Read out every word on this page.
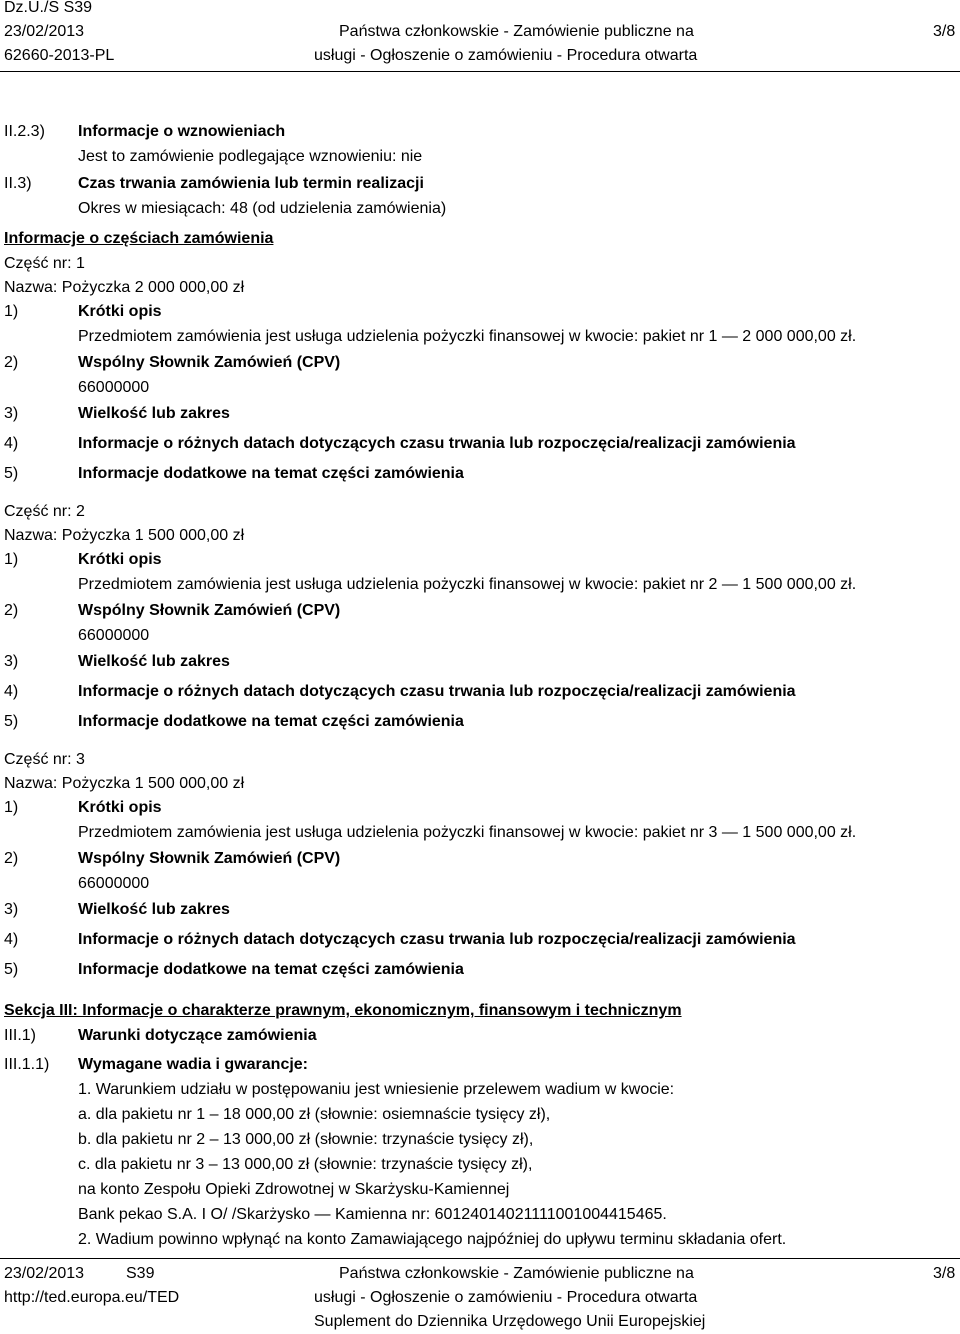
Dz.U./S S39
23/02/2013
62660-2013-PL
Państwa członkowskie - Zamówienie publiczne na
usługi - Ogłoszenie o zamówieniu - Procedura otwarta
3/8
II.2.3) Informacje o wznowieniach
Jest to zamówienie podlegające wznowieniu: nie
II.3)	Czas trwania zamówienia lub termin realizacji
Okres w miesiącach: 48 (od udzielenia zamówienia)
Informacje o częściach zamówienia
Część nr: 1
Nazwa: Pożyczka 2 000 000,00 zł
1)	Krótki opis
Przedmiotem zamówienia jest usługa udzielenia pożyczki finansowej w kwocie: pakiet nr 1 — 2 000 000,00 zł.
2)	Wspólny Słownik Zamówień (CPV)
66000000
3)	Wielkość lub zakres
4)	Informacje o różnych datach dotyczących czasu trwania lub rozpoczęcia/realizacji zamówienia
5)	Informacje dodatkowe na temat części zamówienia
Część nr: 2
Nazwa: Pożyczka 1 500 000,00 zł
1)	Krótki opis
Przedmiotem zamówienia jest usługa udzielenia pożyczki finansowej w kwocie: pakiet nr 2 — 1 500 000,00 zł.
2)	Wspólny Słownik Zamówień (CPV)
66000000
3)	Wielkość lub zakres
4)	Informacje o różnych datach dotyczących czasu trwania lub rozpoczęcia/realizacji zamówienia
5)	Informacje dodatkowe na temat części zamówienia
Część nr: 3
Nazwa: Pożyczka 1 500 000,00 zł
1)	Krótki opis
Przedmiotem zamówienia jest usługa udzielenia pożyczki finansowej w kwocie: pakiet nr 3 — 1 500 000,00 zł.
2)	Wspólny Słownik Zamówień (CPV)
66000000
3)	Wielkość lub zakres
4)	Informacje o różnych datach dotyczących czasu trwania lub rozpoczęcia/realizacji zamówienia
5)	Informacje dodatkowe na temat części zamówienia
Sekcja III: Informacje o charakterze prawnym, ekonomicznym, finansowym i technicznym
III.1)	Warunki dotyczące zamówienia
III.1.1) Wymagane wadia i gwarancje:
1. Warunkiem udziału w postępowaniu jest wniesienie przelewem wadium w kwocie:
a. dla pakietu nr 1 – 18 000,00 zł (słownie: osiemnaście tysięcy zł),
b. dla pakietu nr 2 – 13 000,00 zł (słownie: trzynaście tysięcy zł),
c. dla pakietu nr 3 – 13 000,00 zł (słownie: trzynaście tysięcy zł),
na konto Zespołu Opieki Zdrowotnej w Skarżysku-Kamiennej
Bank pekao S.A. I O/ /Skarżysko — Kamienna nr: 60124014021111001004415465.
2. Wadium powinno wpłynąć na konto Zamawiającego najpóźniej do upływu terminu składania ofert.
23/02/2013	S39
http://ted.europa.eu/TED
Państwa członkowskie - Zamówienie publiczne na
usługi - Ogłoszenie o zamówieniu - Procedura otwarta
Suplement do Dziennika Urzędowego Unii Europejskiej
3/8
